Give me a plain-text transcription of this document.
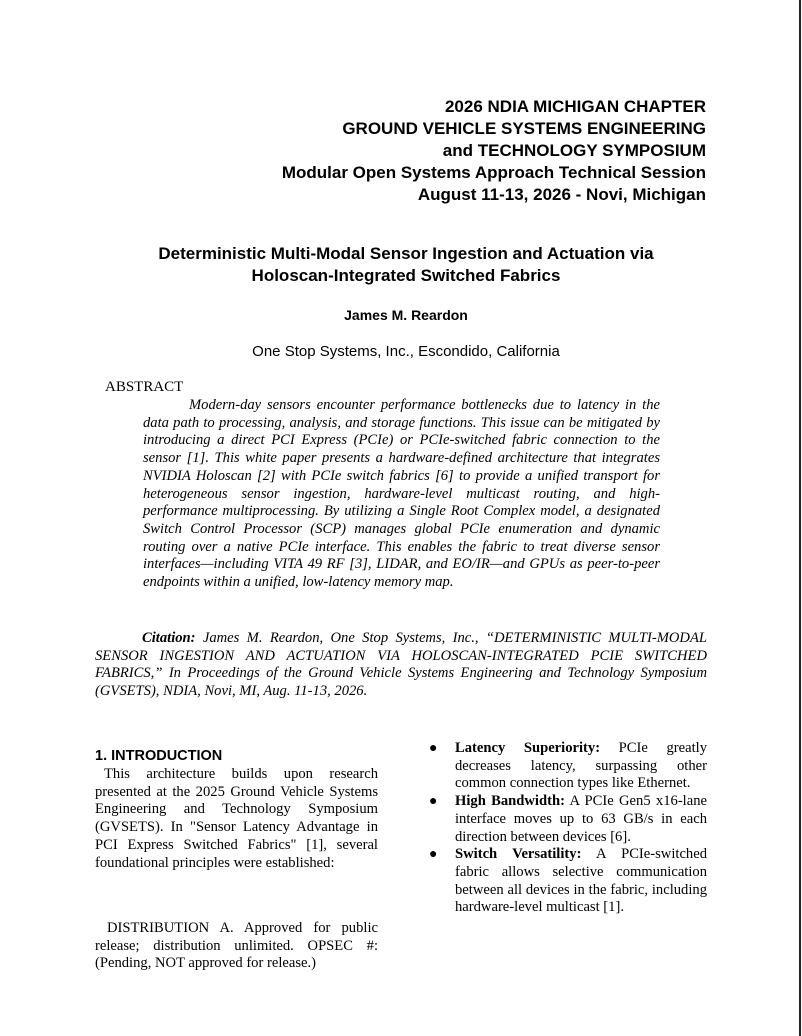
2026 NDIA MICHIGAN CHAPTER
GROUND VEHICLE SYSTEMS ENGINEERING
and TECHNOLOGY SYMPOSIUM
Modular Open Systems Approach Technical Session
August 11-13, 2026 - Novi, Michigan
Deterministic Multi-Modal Sensor Ingestion and Actuation via
Holoscan-Integrated Switched Fabrics
James M. Reardon
One Stop Systems, Inc., Escondido, California
ABSTRACT
Modern-day sensors encounter performance bottlenecks due to latency in the data path to processing, analysis, and storage functions. This issue can be mitigated by introducing a direct PCI Express (PCIe) or PCIe-switched fabric connection to the sensor [1]. This white paper presents a hardware-defined architecture that integrates NVIDIA Holoscan [2] with PCIe switch fabrics [6] to provide a unified transport for heterogeneous sensor ingestion, hardware-level multicast routing, and high-performance multiprocessing. By utilizing a Single Root Complex model, a designated Switch Control Processor (SCP) manages global PCIe enumeration and dynamic routing over a native PCIe interface. This enables the fabric to treat diverse sensor interfaces—including VITA 49 RF [3], LIDAR, and EO/IR—and GPUs as peer-to-peer endpoints within a unified, low-latency memory map.
Citation: James M. Reardon, One Stop Systems, Inc., “DETERMINISTIC MULTI-MODAL SENSOR INGESTION AND ACTUATION VIA HOLOSCAN-INTEGRATED PCIE SWITCHED FABRICS,” In Proceedings of the Ground Vehicle Systems Engineering and Technology Symposium (GVSETS), NDIA, Novi, MI, Aug. 11-13, 2026.
1. INTRODUCTION
This architecture builds upon research presented at the 2025 Ground Vehicle Systems Engineering and Technology Symposium (GVSETS). In "Sensor Latency Advantage in PCI Express Switched Fabrics" [1], several foundational principles were established:
DISTRIBUTION A. Approved for public release; distribution unlimited. OPSEC #: (Pending, NOT approved for release.)
● Latency Superiority: PCIe greatly decreases latency, surpassing other common connection types like Ethernet.
● High Bandwidth: A PCIe Gen5 x16-lane interface moves up to 63 GB/s in each direction between devices [6].
● Switch Versatility: A PCIe-switched fabric allows selective communication between all devices in the fabric, including hardware-level multicast [1].
